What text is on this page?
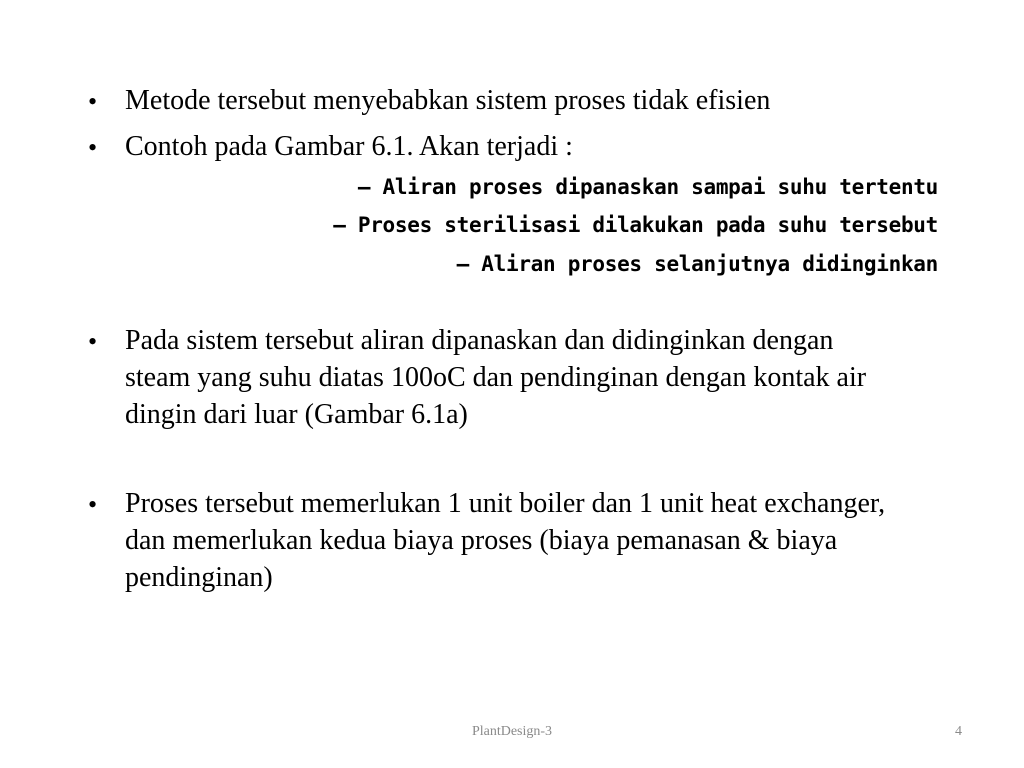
• Metode tersebut menyebabkan sistem proses tidak efisien
• Contoh pada Gambar 6.1. Akan terjadi :
– Aliran proses dipanaskan sampai suhu tertentu
– Proses sterilisasi dilakukan pada suhu tersebut
– Aliran proses selanjutnya didinginkan
• Pada sistem tersebut aliran dipanaskan dan didinginkan dengan steam yang suhu diatas 100oC dan pendinginan dengan kontak air dingin dari luar (Gambar 6.1a)
• Proses tersebut memerlukan 1 unit boiler dan 1 unit heat exchanger, dan memerlukan kedua biaya proses (biaya pemanasan & biaya pendinginan)
PlantDesign-3	4
